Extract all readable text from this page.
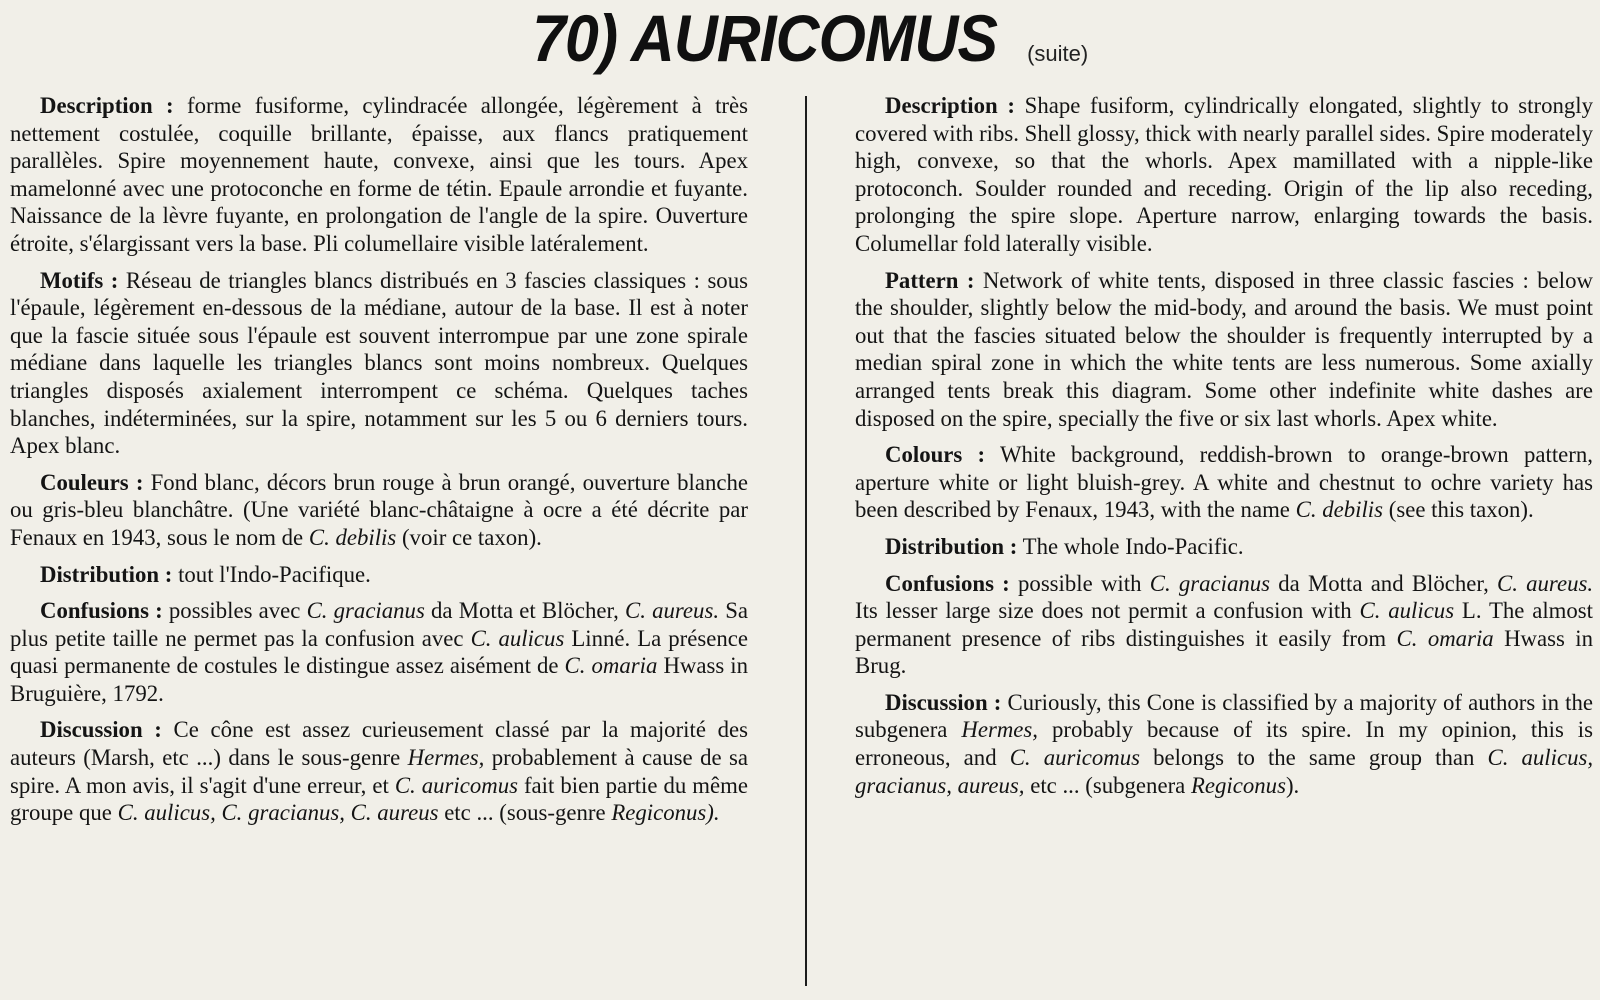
70) AURICOMUS (suite)

Description : forme fusiforme, cylindracée allongée, légèrement à très nettement costulée, coquille brillante, épaisse, aux flancs pratiquement parallèles. Spire moyennement haute, convexe, ainsi que les tours. Apex mamelonné avec une protoconche en forme de tétin. Epaule arrondie et fuyante. Naissance de la lèvre fuyante, en prolongation de l'angle de la spire. Ouverture étroite, s'élargissant vers la base. Pli columellaire visible latéralement.

Motifs : Réseau de triangles blancs distribués en 3 fascies classiques : sous l'épaule, légèrement en-dessous de la médiane, autour de la base. Il est à noter que la fascie située sous l'épaule est souvent interrompue par une zone spirale médiane dans laquelle les triangles blancs sont moins nombreux. Quelques triangles disposés axialement interrompent ce schéma. Quelques taches blanches, indéterminées, sur la spire, notamment sur les 5 ou 6 derniers tours. Apex blanc.

Couleurs : Fond blanc, décors brun rouge à brun orangé, ouverture blanche ou gris-bleu blanchâtre. (Une variété blanc-châtaigne à ocre a été décrite par Fenaux en 1943, sous le nom de C. debilis (voir ce taxon).

Distribution : tout l'Indo-Pacifique.

Confusions : possibles avec C. gracianus da Motta et Blöcher, C. aureus. Sa plus petite taille ne permet pas la confusion avec C. aulicus Linné. La présence quasi permanente de costules le distingue assez aisément de C. omaria Hwass in Bruguière, 1792.

Discussion : Ce cône est assez curieusement classé par la majorité des auteurs (Marsh, etc ...) dans le sous-genre Hermes, probablement à cause de sa spire. A mon avis, il s'agit d'une erreur, et C. auricomus fait bien partie du même groupe que C. aulicus, C. gracianus, C. aureus etc ... (sous-genre Regiconus).

Description : Shape fusiform, cylindrically elongated, slightly to strongly covered with ribs. Shell glossy, thick with nearly parallel sides. Spire moderately high, convexe, so that the whorls. Apex mamillated with a nipple-like protoconch. Soulder rounded and receding. Origin of the lip also receding, prolonging the spire slope. Aperture narrow, enlarging towards the basis. Columellar fold laterally visible.

Pattern : Network of white tents, disposed in three classic fascies : below the shoulder, slightly below the mid-body, and around the basis. We must point out that the fascies situated below the shoulder is frequently interrupted by a median spiral zone in which the white tents are less numerous. Some axially arranged tents break this diagram. Some other indefinite white dashes are disposed on the spire, specially the five or six last whorls. Apex white.

Colours : White background, reddish-brown to orange-brown pattern, aperture white or light bluish-grey. A white and chestnut to ochre variety has been described by Fenaux, 1943, with the name C. debilis (see this taxon).

Distribution : The whole Indo-Pacific.

Confusions : possible with C. gracianus da Motta and Blöcher, C. aureus. Its lesser large size does not permit a confusion with C. aulicus L. The almost permanent presence of ribs distinguishes it easily from C. omaria Hwass in Brug.

Discussion : Curiously, this Cone is classified by a majority of authors in the subgenera Hermes, probably because of its spire. In my opinion, this is erroneous, and C. auricomus belongs to the same group than C. aulicus, gracianus, aureus, etc ... (subgenera Regiconus).
